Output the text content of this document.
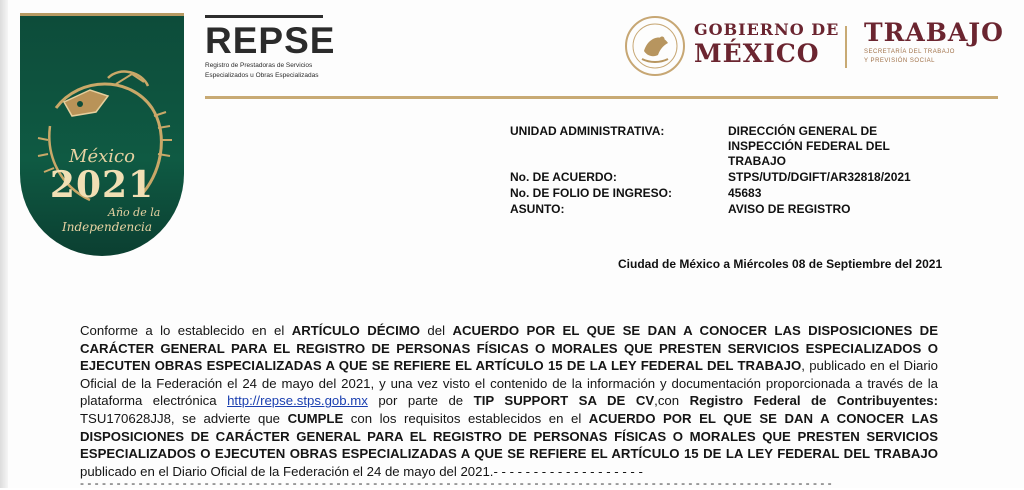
México
2021
Año de la
Independencia
REPSE
Registro de Prestadoras de Servicios
Especializados u Obras Especializadas
GOBIERNO DE
MÉXICO
TRABAJO
SECRETARÍA DEL TRABAJO
Y PREVISIÓN SOCIAL
UNIDAD ADMINISTRATIVA:	DIRECCIÓN GENERAL DE
INSPECCIÓN FEDERAL DEL
TRABAJO
No. DE ACUERDO:	STPS/UTD/DGIFT/AR32818/2021
No. DE FOLIO DE INGRESO:	45683
ASUNTO:	AVISO DE REGISTRO
Ciudad de México a Miércoles 08 de Septiembre del 2021
Conforme a lo establecido en el ARTÍCULO DÉCIMO del ACUERDO POR EL QUE SE DAN A CONOCER LAS DISPOSICIONES DE CARÁCTER GENERAL PARA EL REGISTRO DE PERSONAS FÍSICAS O MORALES QUE PRESTEN SERVICIOS ESPECIALIZADOS O EJECUTEN OBRAS ESPECIALIZADAS A QUE SE REFIERE EL ARTÍCULO 15 DE LA LEY FEDERAL DEL TRABAJO, publicado en el Diario Oficial de la Federación el 24 de mayo del 2021, y una vez visto el contenido de la información y documentación proporcionada a través de la plataforma electrónica http://repse.stps.gob.mx por parte de TIP SUPPORT SA DE CV,con Registro Federal de Contribuyentes: TSU170628JJ8, se advierte que CUMPLE con los requisitos establecidos en el ACUERDO POR EL QUE SE DAN A CONOCER LAS DISPOSICIONES DE CARÁCTER GENERAL PARA EL REGISTRO DE PERSONAS FÍSICAS O MORALES QUE PRESTEN SERVICIOS ESPECIALIZADOS O EJECUTEN OBRAS ESPECIALIZADAS A QUE SE REFIERE EL ARTÍCULO 15 DE LA LEY FEDERAL DEL TRABAJO publicado en el Diario Oficial de la Federación el 24 de mayo del 2021.- - - - - - - - - - - - - - - - - - -
- - - - - - - - - - - - - - - - - - - - - - - - - - - - - - - - - - - - - - - - - - - - - - - - - - - - - - - - - - - - - - - - - - - - - - - - - - - - - - - - - - - - - - - - - - - - - - - - - - - - - - -
